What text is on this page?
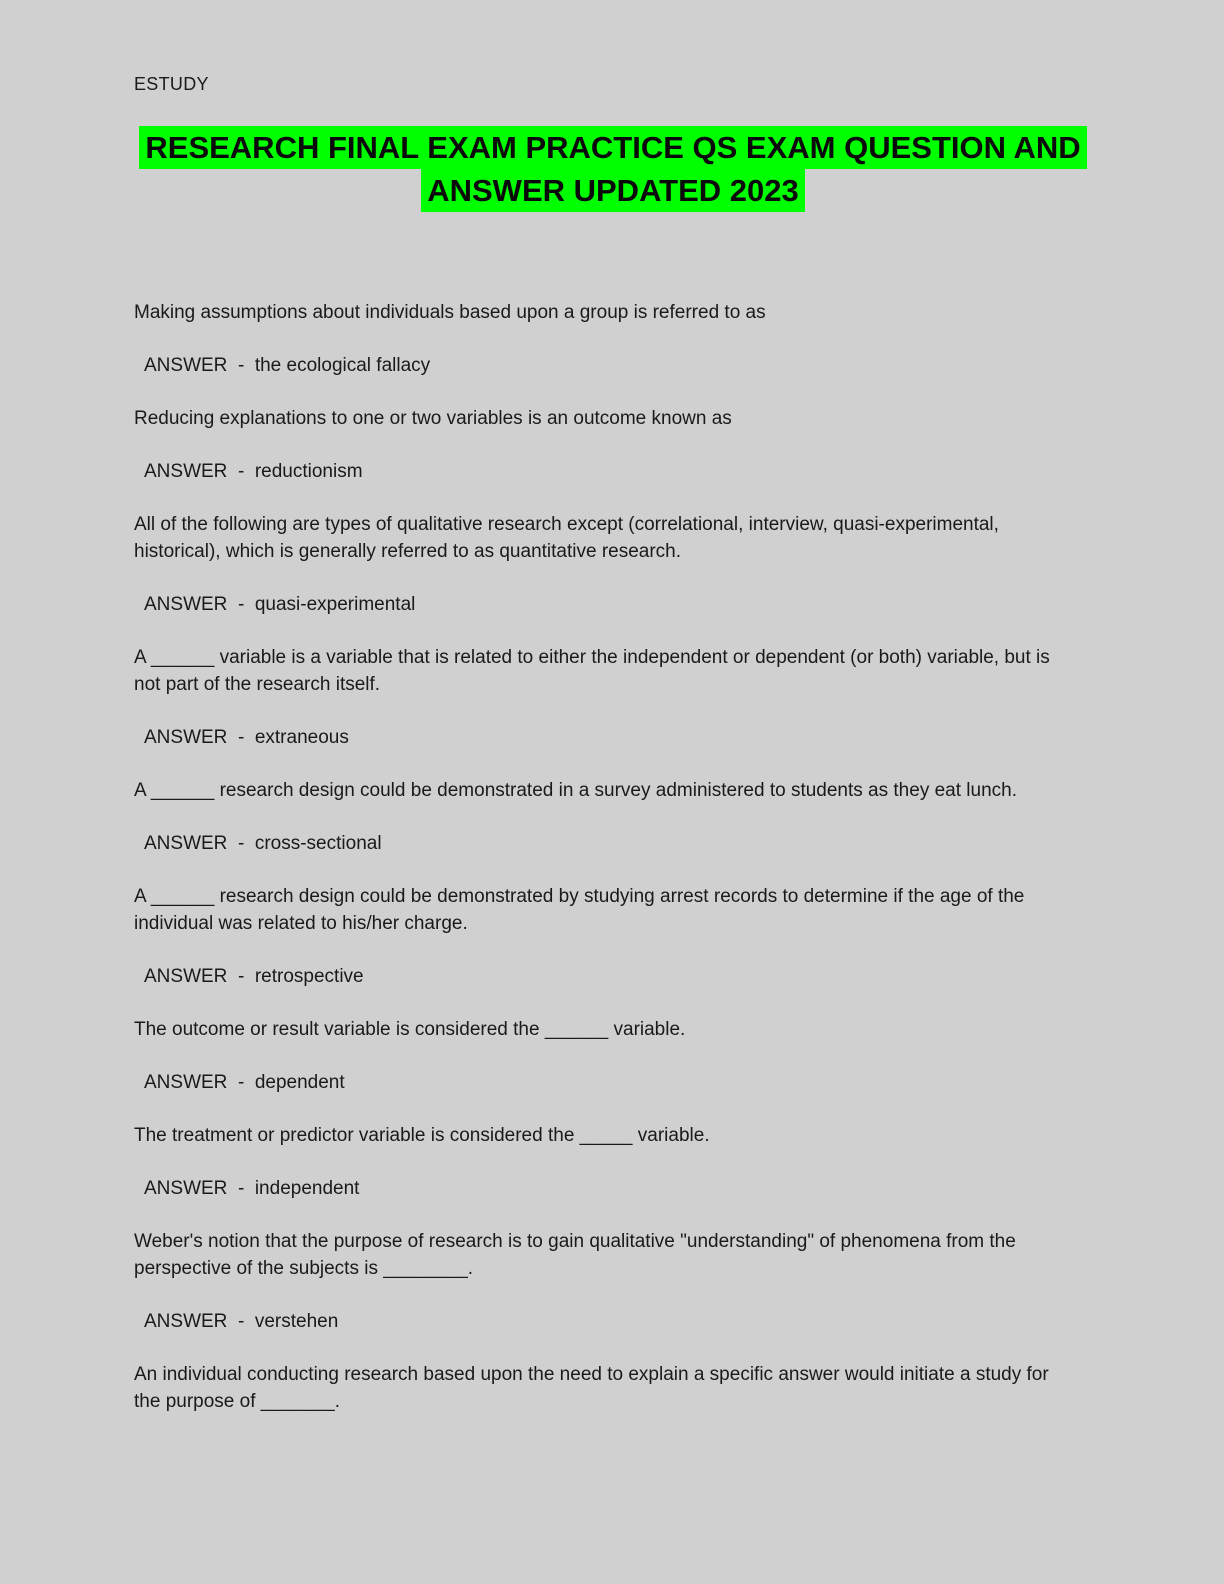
ESTUDY
RESEARCH FINAL EXAM PRACTICE QS EXAM QUESTION AND
ANSWER UPDATED 2023
Making assumptions about individuals based upon a group is referred to as
ANSWER  -  the ecological fallacy
Reducing explanations to one or two variables is an outcome known as
ANSWER  -  reductionism
All of the following are types of qualitative research except (correlational, interview, quasi-experimental, historical), which is generally referred to as quantitative research.
ANSWER  -  quasi-experimental
A ______ variable is a variable that is related to either the independent or dependent (or both) variable, but is not part of the research itself.
ANSWER  -  extraneous
A ______ research design could be demonstrated in a survey administered to students as they eat lunch.
ANSWER  -  cross-sectional
A ______ research design could be demonstrated by studying arrest records to determine if the age of the individual was related to his/her charge.
ANSWER  -  retrospective
The outcome or result variable is considered the ______ variable.
ANSWER  -  dependent
The treatment or predictor variable is considered the _____ variable.
ANSWER  -  independent
Weber's notion that the purpose of research is to gain qualitative "understanding" of phenomena from the perspective of the subjects is ________.
ANSWER  -  verstehen
An individual conducting research based upon the need to explain a specific answer would initiate a study for the purpose of _______.
